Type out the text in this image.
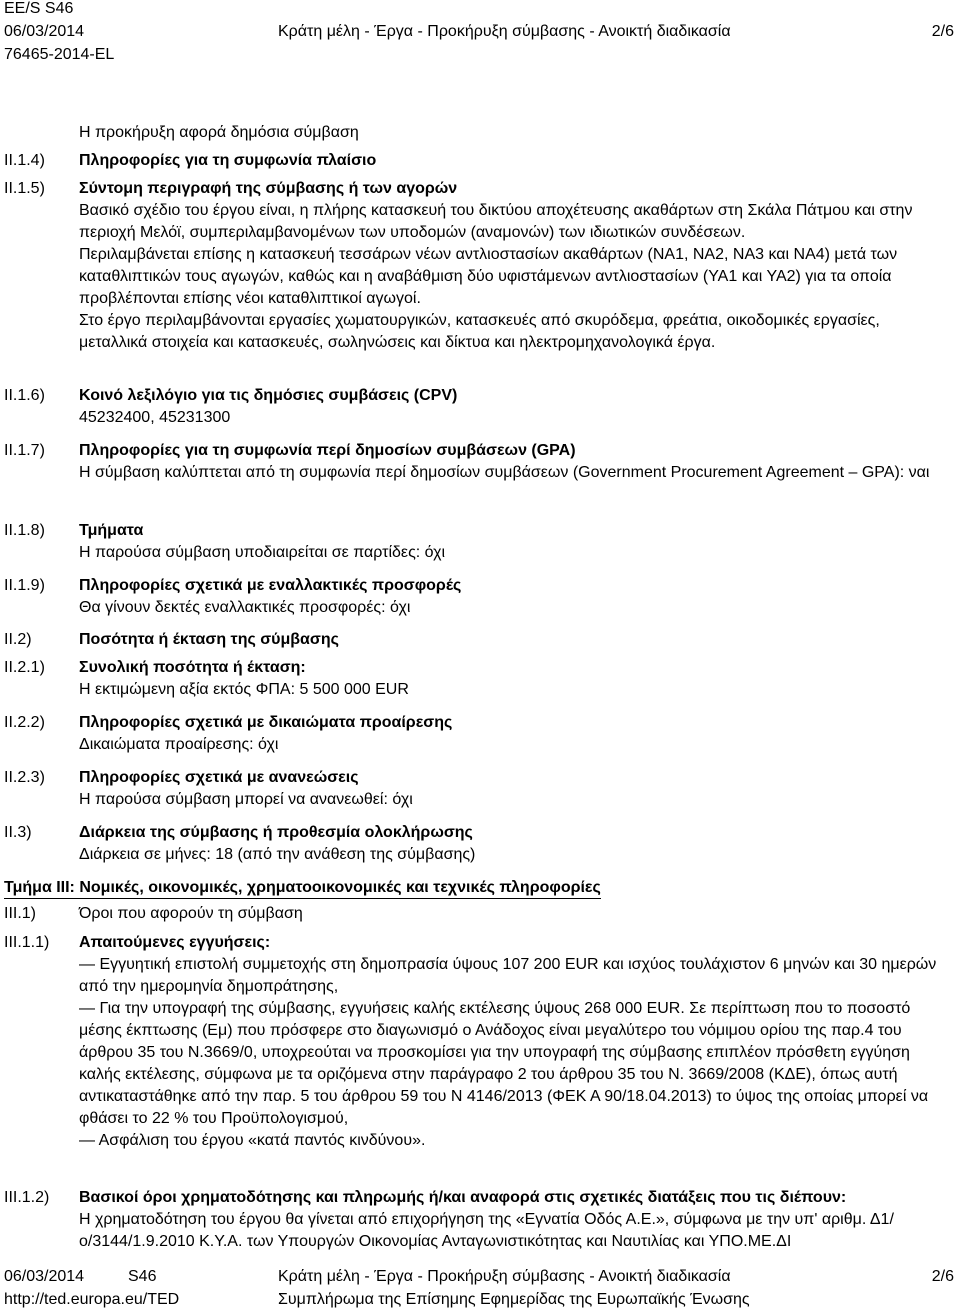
EE/S S46
06/03/2014
76465-2014-EL
Κράτη μέλη - Έργα - Προκήρυξη σύμβασης - Ανοικτή διαδικασία	2/6
Η προκήρυξη αφορά δημόσια σύμβαση
II.1.4) Πληροφορίες για τη συμφωνία πλαίσιο
II.1.5) Σύντομη περιγραφή της σύμβασης ή των αγορών
Βασικό σχέδιο του έργου είναι, η πλήρης κατασκευή του δικτύου αποχέτευσης ακαθάρτων στη Σκάλα Πάτμου και στην περιοχή Μελόϊ, συμπεριλαμβανομένων των υποδομών (αναμονών) των ιδιωτικών συνδέσεων.
Περιλαμβάνεται επίσης η κατασκευή τεσσάρων νέων αντλιοστασίων ακαθάρτων (ΝΑ1, ΝΑ2, ΝΑ3 και ΝΑ4) μετά των καταθλιπτικών τους αγωγών, καθώς και η αναβάθμιση δύο υφιστάμενων αντλιοστασίων (ΥΑ1 και ΥΑ2) για τα οποία προβλέπονται επίσης νέοι καταθλιπτικοί αγωγοί.
Στο έργο περιλαμβάνονται εργασίες χωματουργικών, κατασκευές από σκυρόδεμα, φρεάτια, οικοδομικές εργασίες, μεταλλικά στοιχεία και κατασκευές, σωληνώσεις και δίκτυα και ηλεκτρομηχανολογικά έργα.
II.1.6) Κοινό λεξιλόγιο για τις δημόσιες συμβάσεις (CPV)
45232400, 45231300
II.1.7) Πληροφορίες για τη συμφωνία περί δημοσίων συμβάσεων (GPA)
Η σύμβαση καλύπτεται από τη συμφωνία περί δημοσίων συμβάσεων (Government Procurement Agreement – GPA): ναι
II.1.8) Τμήματα
Η παρούσα σύμβαση υποδιαιρείται σε παρτίδες: όχι
II.1.9) Πληροφορίες σχετικά με εναλλακτικές προσφορές
Θα γίνουν δεκτές εναλλακτικές προσφορές: όχι
II.2)	Ποσότητα ή έκταση της σύμβασης
II.2.1) Συνολική ποσότητα ή έκταση:
Η εκτιμώμενη αξία εκτός ΦΠΑ: 5 500 000 EUR
II.2.2) Πληροφορίες σχετικά με δικαιώματα προαίρεσης
Δικαιώματα προαίρεσης: όχι
II.2.3) Πληροφορίες σχετικά με ανανεώσεις
Η παρούσα σύμβαση μπορεί να ανανεωθεί: όχι
II.3)	Διάρκεια της σύμβασης ή προθεσμία ολοκλήρωσης
Διάρκεια σε μήνες: 18 (από την ανάθεση της σύμβασης)
Τμήμα III: Νομικές, οικονομικές, χρηματοοικονομικές και τεχνικές πληροφορίες
III.1)	Όροι που αφορούν τη σύμβαση
III.1.1) Απαιτούμενες εγγυήσεις:
— Εγγυητική επιστολή συμμετοχής στη δημοπρασία ύψους 107 200 EUR και ισχύος τουλάχιστον 6 μηνών και 30 ημερών από την ημερομηνία δημοπράτησης,
— Για την υπογραφή της σύμβασης, εγγυήσεις καλής εκτέλεσης ύψους 268 000 EUR. Σε περίπτωση που το ποσοστό μέσης έκπτωσης (Εμ) που πρόσφερε στο διαγωνισμό ο Ανάδοχος είναι μεγαλύτερο του νόμιμου ορίου της παρ.4 του άρθρου 35 του Ν.3669/0, υποχρεούται να προσκομίσει για την υπογραφή της σύμβασης επιπλέον πρόσθετη εγγύηση καλής εκτέλεσης, σύμφωνα με τα οριζόμενα στην παράγραφο 2 του άρθρου 35 του Ν. 3669/2008 (ΚΔΕ), όπως αυτή αντικαταστάθηκε από την παρ. 5 του άρθρου 59 του Ν 4146/2013 (ΦΕΚ Α 90/18.04.2013) το ύψος της οποίας μπορεί να φθάσει το 22 % του Προϋπολογισμού,
— Ασφάλιση του έργου «κατά παντός κινδύνου».
III.1.2) Βασικοί όροι χρηματοδότησης και πληρωμής ή/και αναφορά στις σχετικές διατάξεις που τις διέπουν:
Η χρηματοδότηση του έργου θα γίνεται από επιχορήγηση της «Εγνατία Οδός Α.Ε.», σύμφωνα με την υπ' αριθμ. Δ1/ο/3144/1.9.2010 Κ.Υ.Α. των Υπουργών Οικονομίας Ανταγωνιστικότητας και Ναυτιλίας και ΥΠΟ.ΜΕ.ΔΙ
06/03/2014	S46
http://ted.europa.eu/TED
Κράτη μέλη - Έργα - Προκήρυξη σύμβασης - Ανοικτή διαδικασία
Συμπλήρωμα της Επίσημης Εφημερίδας της Ευρωπαϊκής Ένωσης
2/6
